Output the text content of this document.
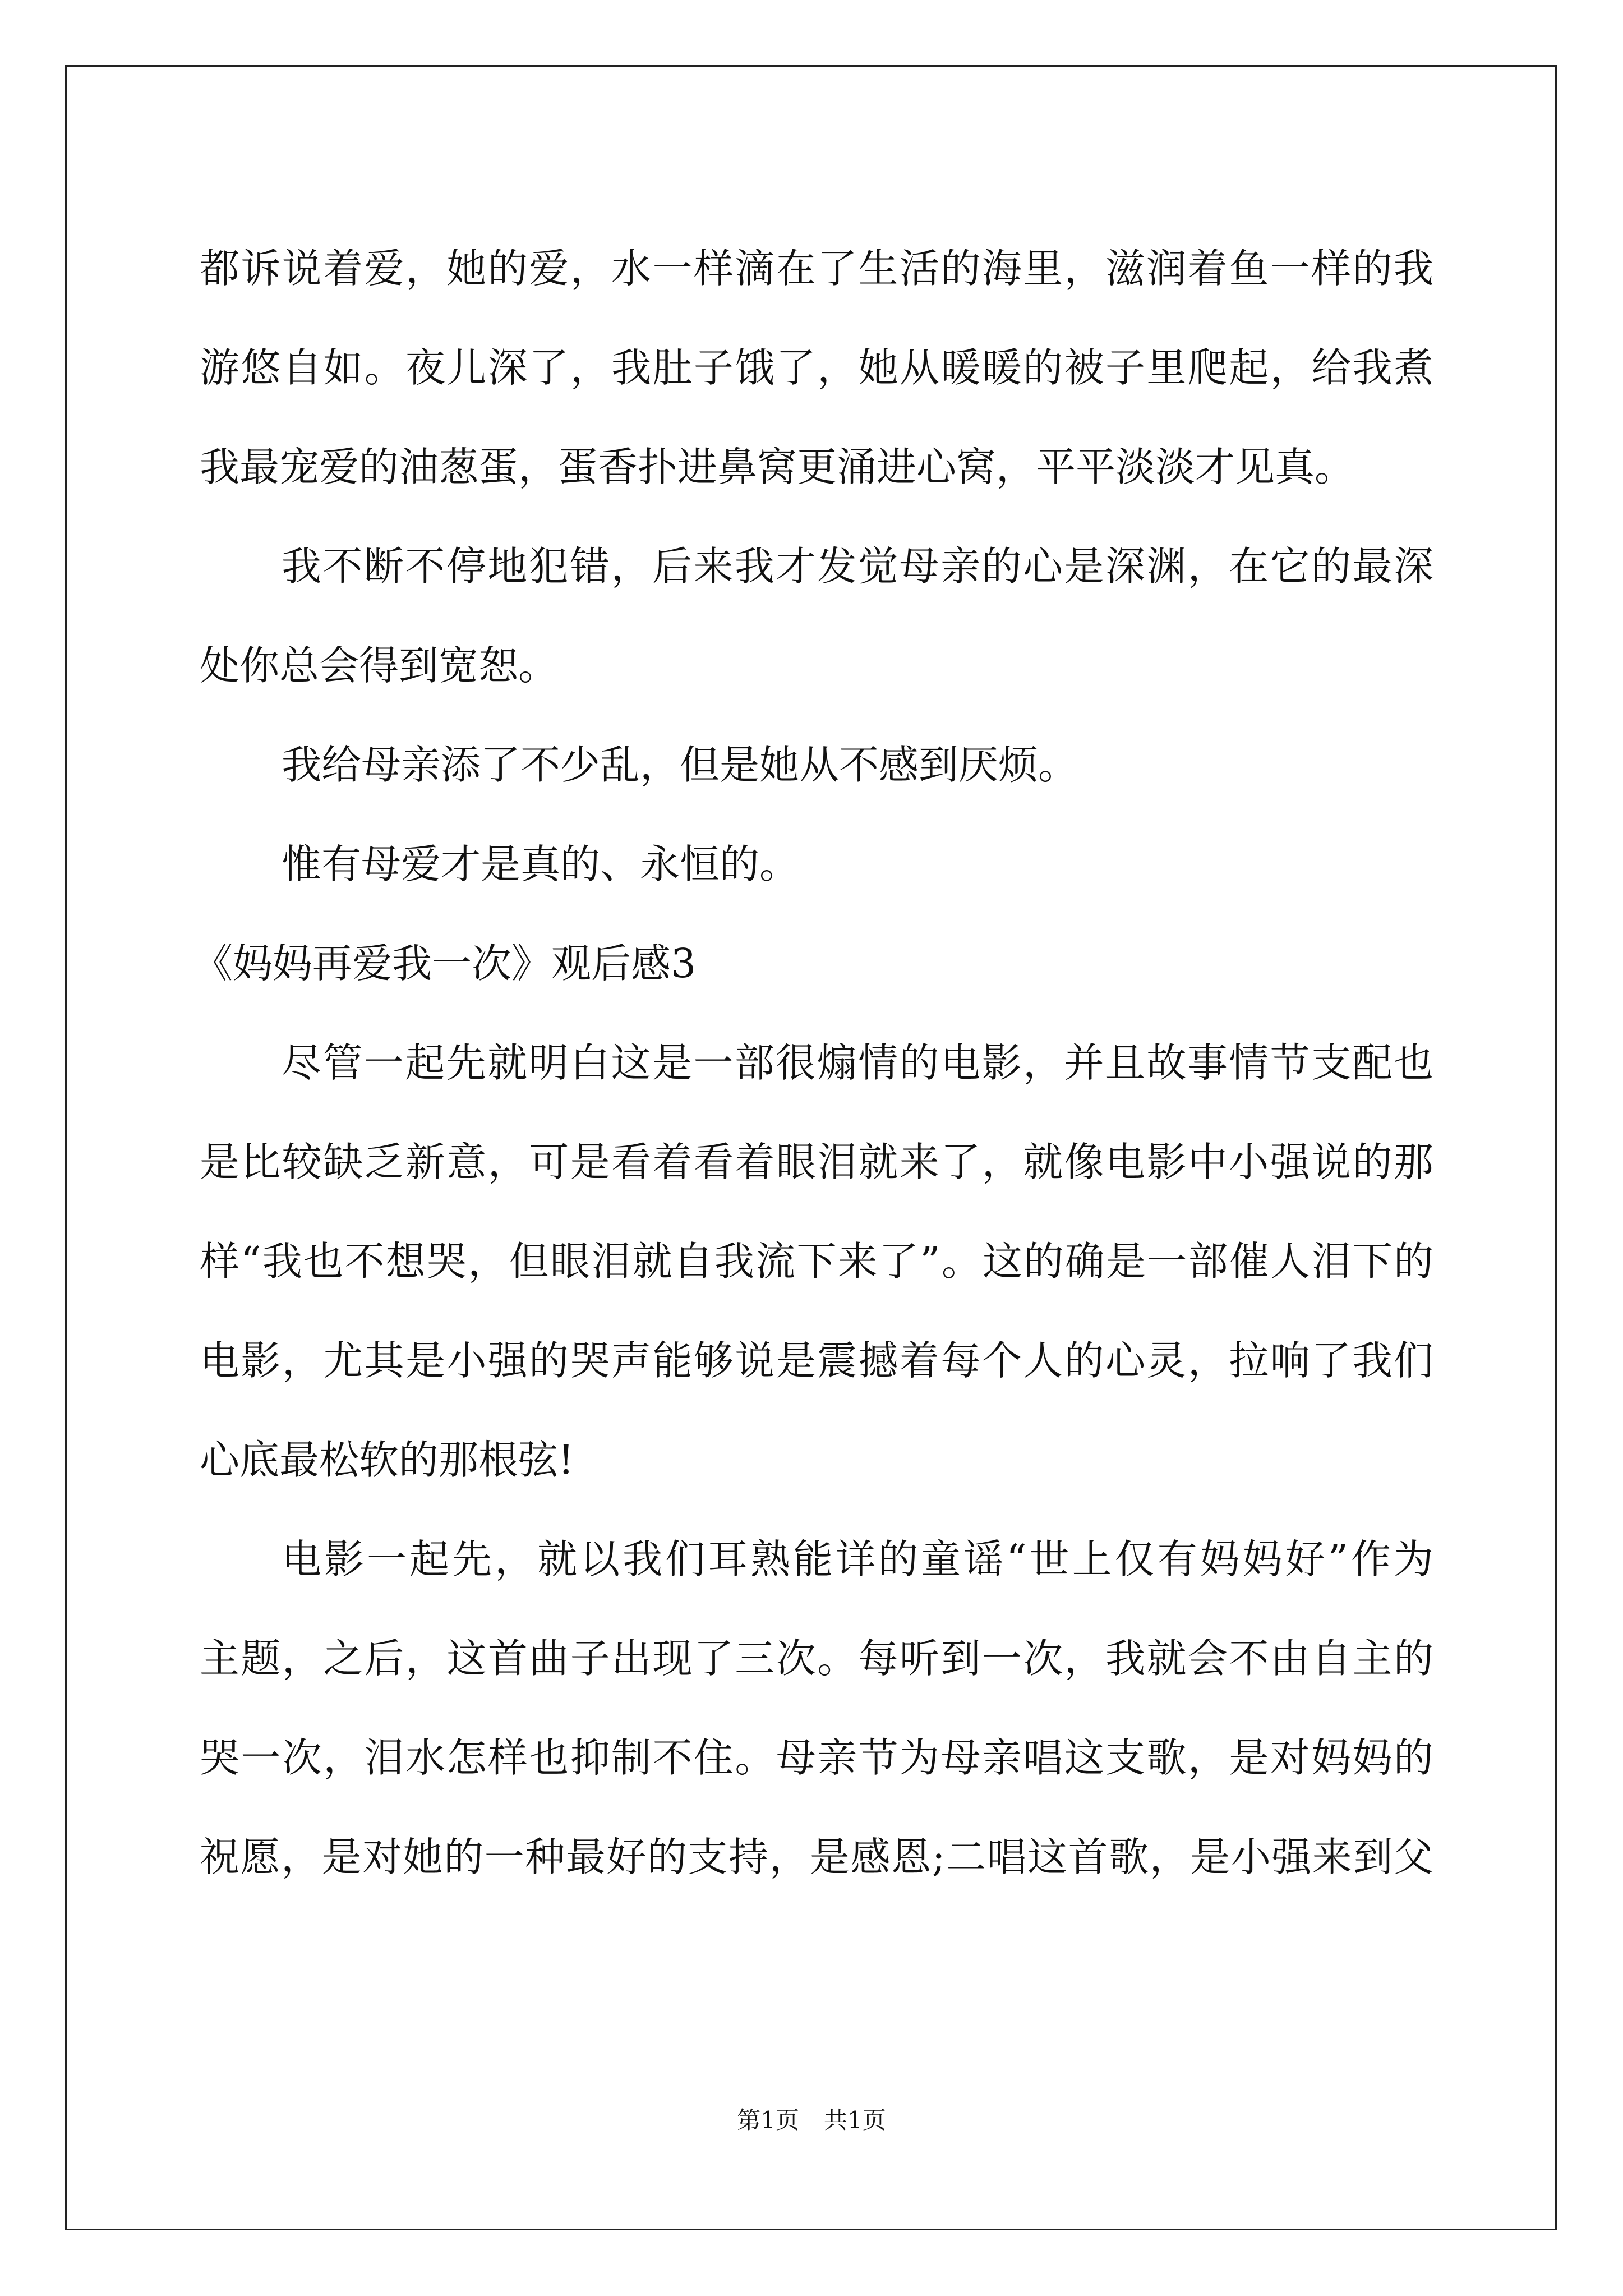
都诉说着爱，她的爱，水一样滴在了生活的海里，滋润着鱼一样的我
游悠自如。夜儿深了，我肚子饿了，她从暖暖的被子里爬起，给我煮
我最宠爱的油葱蛋，蛋香扑进鼻窝更涌进心窝，平平淡淡才见真。
我不断不停地犯错，后来我才发觉母亲的心是深渊，在它的最深
处你总会得到宽恕。
我给母亲添了不少乱，但是她从不感到厌烦。
惟有母爱才是真的、永恒的。
《妈妈再爱我一次》观后感3
尽管一起先就明白这是一部很煽情的电影，并且故事情节支配也
是比较缺乏新意，可是看着看着眼泪就来了，就像电影中小强说的那
样“我也不想哭，但眼泪就自我流下来了”。这的确是一部催人泪下的
电影，尤其是小强的哭声能够说是震撼着每个人的心灵，拉响了我们
心底最松软的那根弦!
电影一起先，就以我们耳熟能详的童谣“世上仅有妈妈好”作为
主题，之后，这首曲子出现了三次。每听到一次，我就会不由自主的
哭一次，泪水怎样也抑制不住。母亲节为母亲唱这支歌，是对妈妈的
祝愿，是对她的一种最好的支持，是感恩;二唱这首歌，是小强来到父
第1页 共1页
